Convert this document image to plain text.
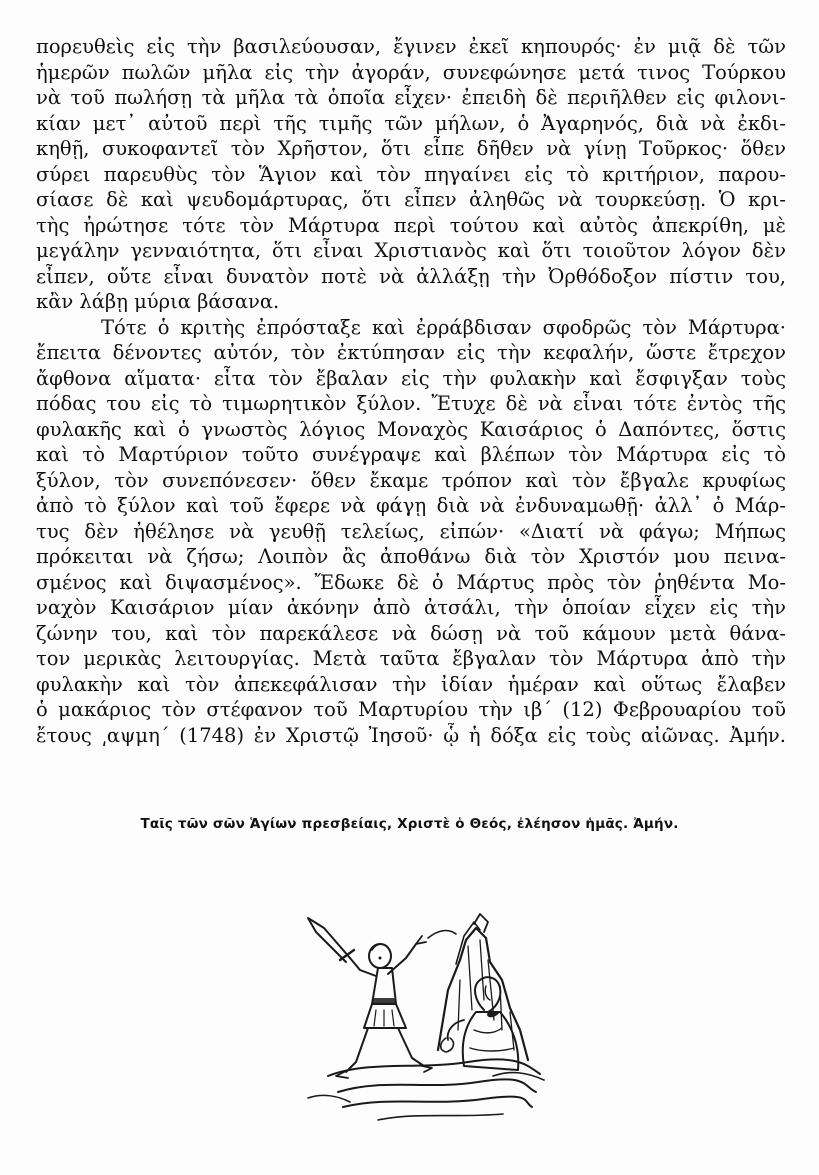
πορευθεὶς εἰς τὴν βασιλεύουσαν, ἔγινεν ἐκεῖ κηπουρός· ἐν μιᾷ δὲ τῶν
ἡμερῶν πωλῶν μῆλα εἰς τὴν ἀγοράν, συνεφώνησε μετά τινος Τούρκου
νὰ τοῦ πωλήσῃ τὰ μῆλα τὰ ὁποῖα εἶχεν· ἐπειδὴ δὲ περιῆλθεν εἰς φιλονι-
κίαν μετ᾽ αὐτοῦ περὶ τῆς τιμῆς τῶν μήλων, ὁ Ἀγαρηνός, διὰ νὰ ἐκδι-
κηθῇ, συκοφαντεῖ τὸν Χρῆστον, ὅτι εἶπε δῆθεν νὰ γίνῃ Τοῦρκος· ὅθεν
σύρει παρευθὺς τὸν Ἅγιον καὶ τὸν πηγαίνει εἰς τὸ κριτήριον, παρου-
σίασε δὲ καὶ ψευδομάρτυρας, ὅτι εἶπεν ἀληθῶς νὰ τουρκεύσῃ. Ὁ κρι-
τὴς ἠρώτησε τότε τὸν Μάρτυρα περὶ τούτου καὶ αὐτὸς ἀπεκρίθη, μὲ
μεγάλην γενναιότητα, ὅτι εἶναι Χριστιανὸς καὶ ὅτι τοιοῦτον λόγον δὲν
εἶπεν, οὔτε εἶναι δυνατὸν ποτὲ νὰ ἀλλάξῃ τὴν Ὀρθόδοξον πίστιν του,
κἂν λάβῃ μύρια βάσανα.
Τότε ὁ κριτὴς ἐπρόσταξε καὶ ἐρράβδισαν σφοδρῶς τὸν Μάρτυρα·
ἔπειτα δένοντες αὐτόν, τὸν ἐκτύπησαν εἰς τὴν κεφαλήν, ὥστε ἔτρεχον
ἄφθονα αἵματα· εἶτα τὸν ἔβαλαν εἰς τὴν φυλακὴν καὶ ἔσφιγξαν τοὺς
πόδας του εἰς τὸ τιμωρητικὸν ξύλον. Ἔτυχε δὲ νὰ εἶναι τότε ἐντὸς τῆς
φυλακῆς καὶ ὁ γνωστὸς λόγιος Μοναχὸς Καισάριος ὁ Δαπόντες, ὅστις
καὶ τὸ Μαρτύριον τοῦτο συνέγραψε καὶ βλέπων τὸν Μάρτυρα εἰς τὸ
ξύλον, τὸν συνεπόνεσεν· ὅθεν ἔκαμε τρόπον καὶ τὸν ἔβγαλε κρυφίως
ἀπὸ τὸ ξύλον καὶ τοῦ ἔφερε νὰ φάγῃ διὰ νὰ ἐνδυναμωθῇ· ἀλλ᾽ ὁ Μάρ-
τυς δὲν ἠθέλησε νὰ γευθῇ τελείως, εἰπών· «Διατί νὰ φάγω; Μήπως
πρόκειται νὰ ζήσω; Λοιπὸν ἂς ἀποθάνω διὰ τὸν Χριστόν μου πεινα-
σμένος καὶ διψασμένος». Ἔδωκε δὲ ὁ Μάρτυς πρὸς τὸν ῥηθέντα Μο-
ναχὸν Καισάριον μίαν ἀκόνην ἀπὸ ἀτσάλι, τὴν ὁποίαν εἶχεν εἰς τὴν
ζώνην του, καὶ τὸν παρεκάλεσε νὰ δώσῃ νὰ τοῦ κάμουν μετὰ θάνα-
τον μερικὰς λειτουργίας. Μετὰ ταῦτα ἔβγαλαν τὸν Μάρτυρα ἀπὸ τὴν
φυλακὴν καὶ τὸν ἀπεκεφάλισαν τὴν ἰδίαν ἡμέραν καὶ οὕτως ἔλαβεν
ὁ μακάριος τὸν στέφανον τοῦ Μαρτυρίου τὴν ιβ´ (12) Φεβρουαρίου τοῦ
ἔτους ͵αψμη´ (1748) ἐν Χριστῷ Ἰησοῦ· ᾧ ἡ δόξα εἰς τοὺς αἰῶνας. Ἀμήν.
Ταῖς τῶν σῶν Ἁγίων πρεσβείαις, Χριστὲ ὁ Θεός, ἐλέησον ἡμᾶς. Ἀμήν.
